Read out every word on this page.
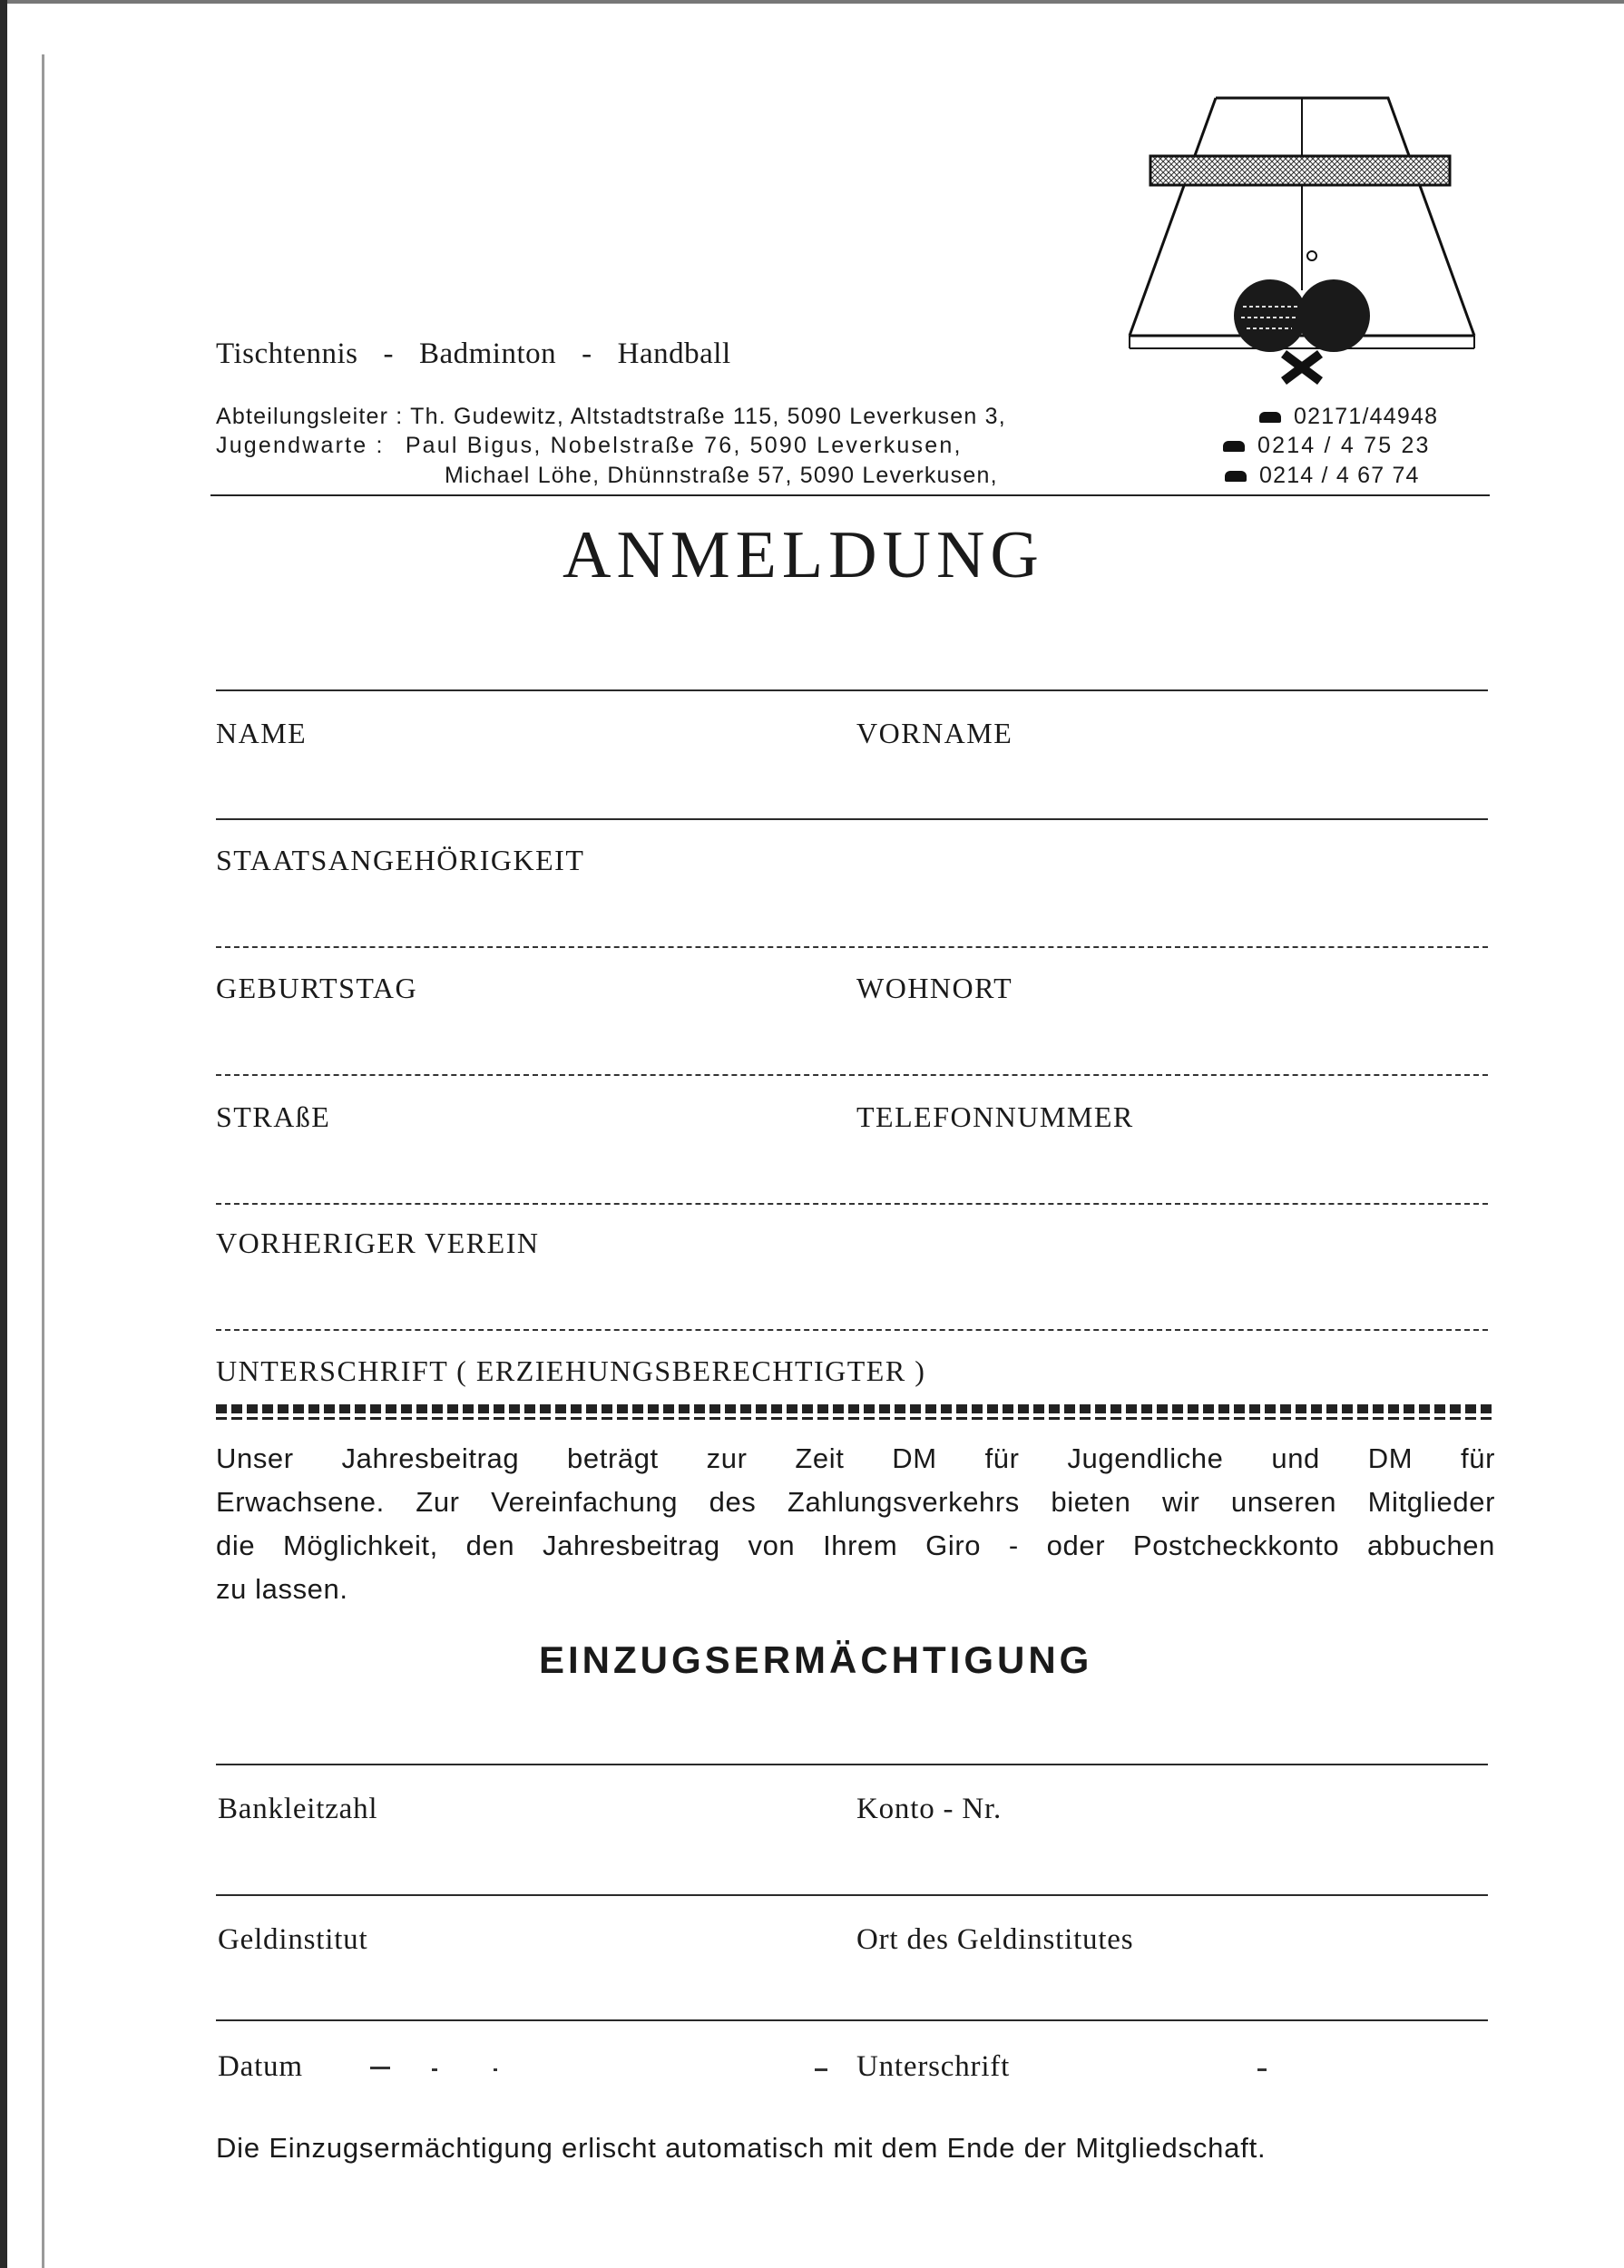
Tischtennis - Badminton - Handball
Abteilungsleiter : Th. Gudewitz, Altstadtstraße 115, 5090 Leverkusen 3,	02171/44948
Jugendwarte : Paul Bigus, Nobelstraße 76, 5090 Leverkusen,	0214 / 4 75 23
Michael Löhe, Dhünnstraße 57, 5090 Leverkusen,	0214 / 4 67 74
ANMELDUNG
NAME	VORNAME
STAATSANGEHÖRIGKEIT
GEBURTSTAG	WOHNORT
STRAßE	TELEFONNUMMER
VORHERIGER VEREIN
UNTERSCHRIFT ( ERZIEHUNGSBERECHTIGTER )
Unser Jahresbeitrag beträgt zur Zeit DM für Jugendliche und DM für
Erwachsene. Zur Vereinfachung des Zahlungsverkehrs bieten wir unseren Mitglieder
die Möglichkeit, den Jahresbeitrag von Ihrem Giro - oder Postcheckkonto abbuchen
zu lassen.
EINZUGSERMÄCHTIGUNG
Bankleitzahl	Konto - Nr.
Geldinstitut	Ort des Geldinstitutes
Datum	Unterschrift
Die Einzugsermächtigung erlischt automatisch mit dem Ende der Mitgliedschaft.
